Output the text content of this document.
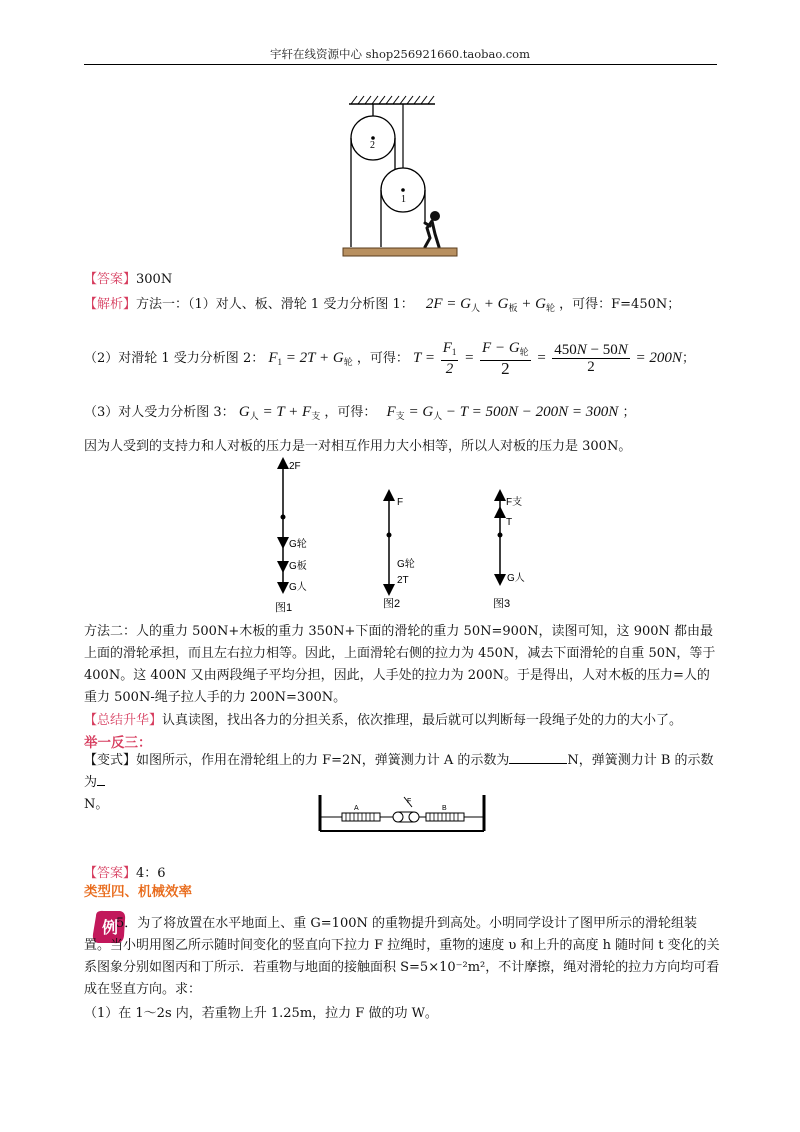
宇轩在线资源中心 shop256921660.taobao.com
2
1
【答案】300N
【解析】方法一：（1）对人、板、滑轮 1 受力分析图 1： $2F = G_人 + G_板 + G_轮$ ，可得：F=450N；
（2）对滑轮 1 受力分析图 2： $F_1 = 2T + G_轮$ ，可得： $T = \frac{F_1}{2} = \frac{F - G_轮}{2} = \frac{450N - 50N}{2} = 200N$；
（3）对人受力分析图 3： $G_人 = T + F_支$ ，可得： $F_支 = G_人 - T = 500N - 200N = 300N$ ；
因为人受到的支持力和人对板的压力是一对相互作用力大小相等，所以人对板的压力是 300N。
2F
G轮
G板
G人
图1
F
G轮
2T
图2
F支
T
G人
图3
方法二：人的重力 500N+木板的重力 350N+下面的滑轮的重力 50N=900N，读图可知，这 900N 都由最上面的滑轮承担，而且左右拉力相等。因此，上面滑轮右侧的拉力为 450N，减去下面滑轮的自重 50N，等于 400N。这 400N 又由两段绳子平均分担，因此，人手处的拉力为 200N。于是得出，人对木板的压力=人的重力 500N-绳子拉人手的力 200N=300N。
【总结升华】认真读图，找出各力的分担关系，依次推理，最后就可以判断每一段绳子处的力的大小了。
举一反三：
【变式】如图所示，作用在滑轮组上的力 F=2N，弹簧测力计 A 的示数为	N，弹簧测力计 B 的示数为
N。	A
F
B
【答案】4：6
类型四、机械效率
例
5．为了将放置在水平地面上、重 G=100N 的重物提升到高处。小明同学设计了图甲所示的滑轮组装置。当小明用图乙所示随时间变化的竖直向下拉力 F 拉绳时，重物的速度 υ 和上升的高度 h 随时间 t 变化的关系图象分别如图丙和丁所示．若重物与地面的接触面积 S=5×10⁻²m²，不计摩擦，绳对滑轮的拉力方向均可看成在竖直方向。求：
（1）在 1～2s 内，若重物上升 1.25m，拉力 F 做的功 W。
